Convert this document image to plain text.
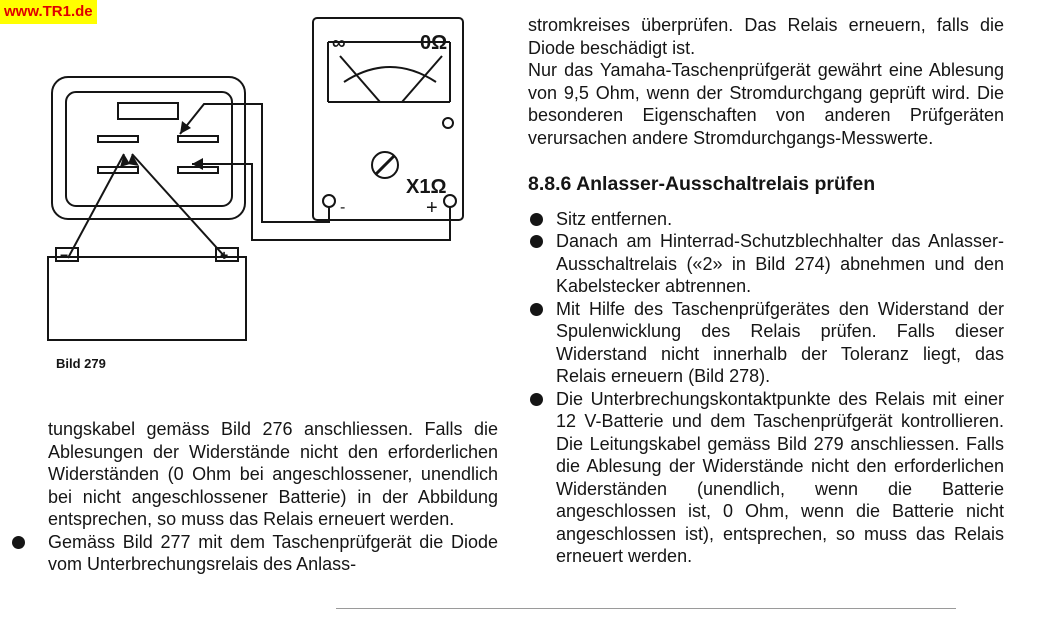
www.TR1.de
∞	0Ω
X1Ω
-	+
−	+
Bild 279

tungskabel gemäss Bild 276 anschliessen. Falls die Ablesungen der Widerstände nicht den erforderlichen Widerständen (0 Ohm bei angeschlossener, unendlich bei nicht angeschlossener Batterie) in der Abbildung entsprechen, so muss das Relais erneuert werden.

Gemäss Bild 277 mit dem Taschenprüfgerät die Diode vom Unterbrechungsrelais des Anlass-

stromkreises überprüfen. Das Relais erneuern, falls die Diode beschädigt ist.

Nur das Yamaha-Taschenprüfgerät gewährt eine Ablesung von 9,5 Ohm, wenn der Stromdurchgang geprüft wird. Die besonderen Eigenschaften von anderen Prüfgeräten verursachen andere Stromdurchgangs-Messwerte.

8.8.6 Anlasser-Ausschaltrelais prüfen
Sitz entfernen.
Danach am Hinterrad-Schutzblechhalter das Anlasser-Ausschaltrelais («2» in Bild 274) abnehmen und den Kabelstecker abtrennen.
Mit Hilfe des Taschenprüfgerätes den Widerstand der Spulenwicklung des Relais prüfen. Falls dieser Widerstand nicht innerhalb der Toleranz liegt, das Relais erneuern (Bild 278).
Die Unterbrechungskontaktpunkte des Relais mit einer 12 V-Batterie und dem Taschenprüfgerät kontrollieren. Die Leitungskabel gemäss Bild 279 anschliessen. Falls die Ablesung der Widerstände nicht den erforderlichen Widerständen (unendlich, wenn die Batterie angeschlossen ist, 0 Ohm, wenn die Batterie nicht angeschlossen ist), entsprechen, so muss das Relais erneuert werden.
